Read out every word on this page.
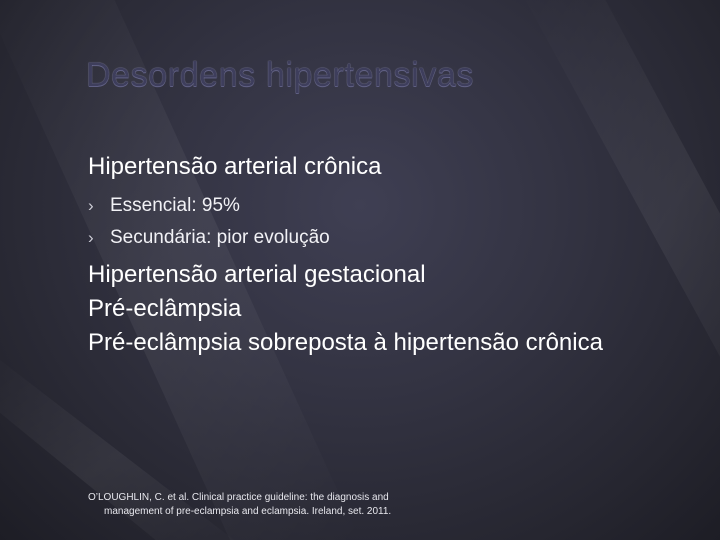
Desordens hipertensivas
Hipertensão arterial crônica
› Essencial: 95%
› Secundária: pior evolução
Hipertensão arterial gestacional
Pré-eclâmpsia
Pré-eclâmpsia sobreposta à hipertensão crônica
O’LOUGHLIN, C. et al. Clinical practice guideline: the diagnosis and
management of pre-eclampsia and eclampsia. Ireland, set. 2011.
